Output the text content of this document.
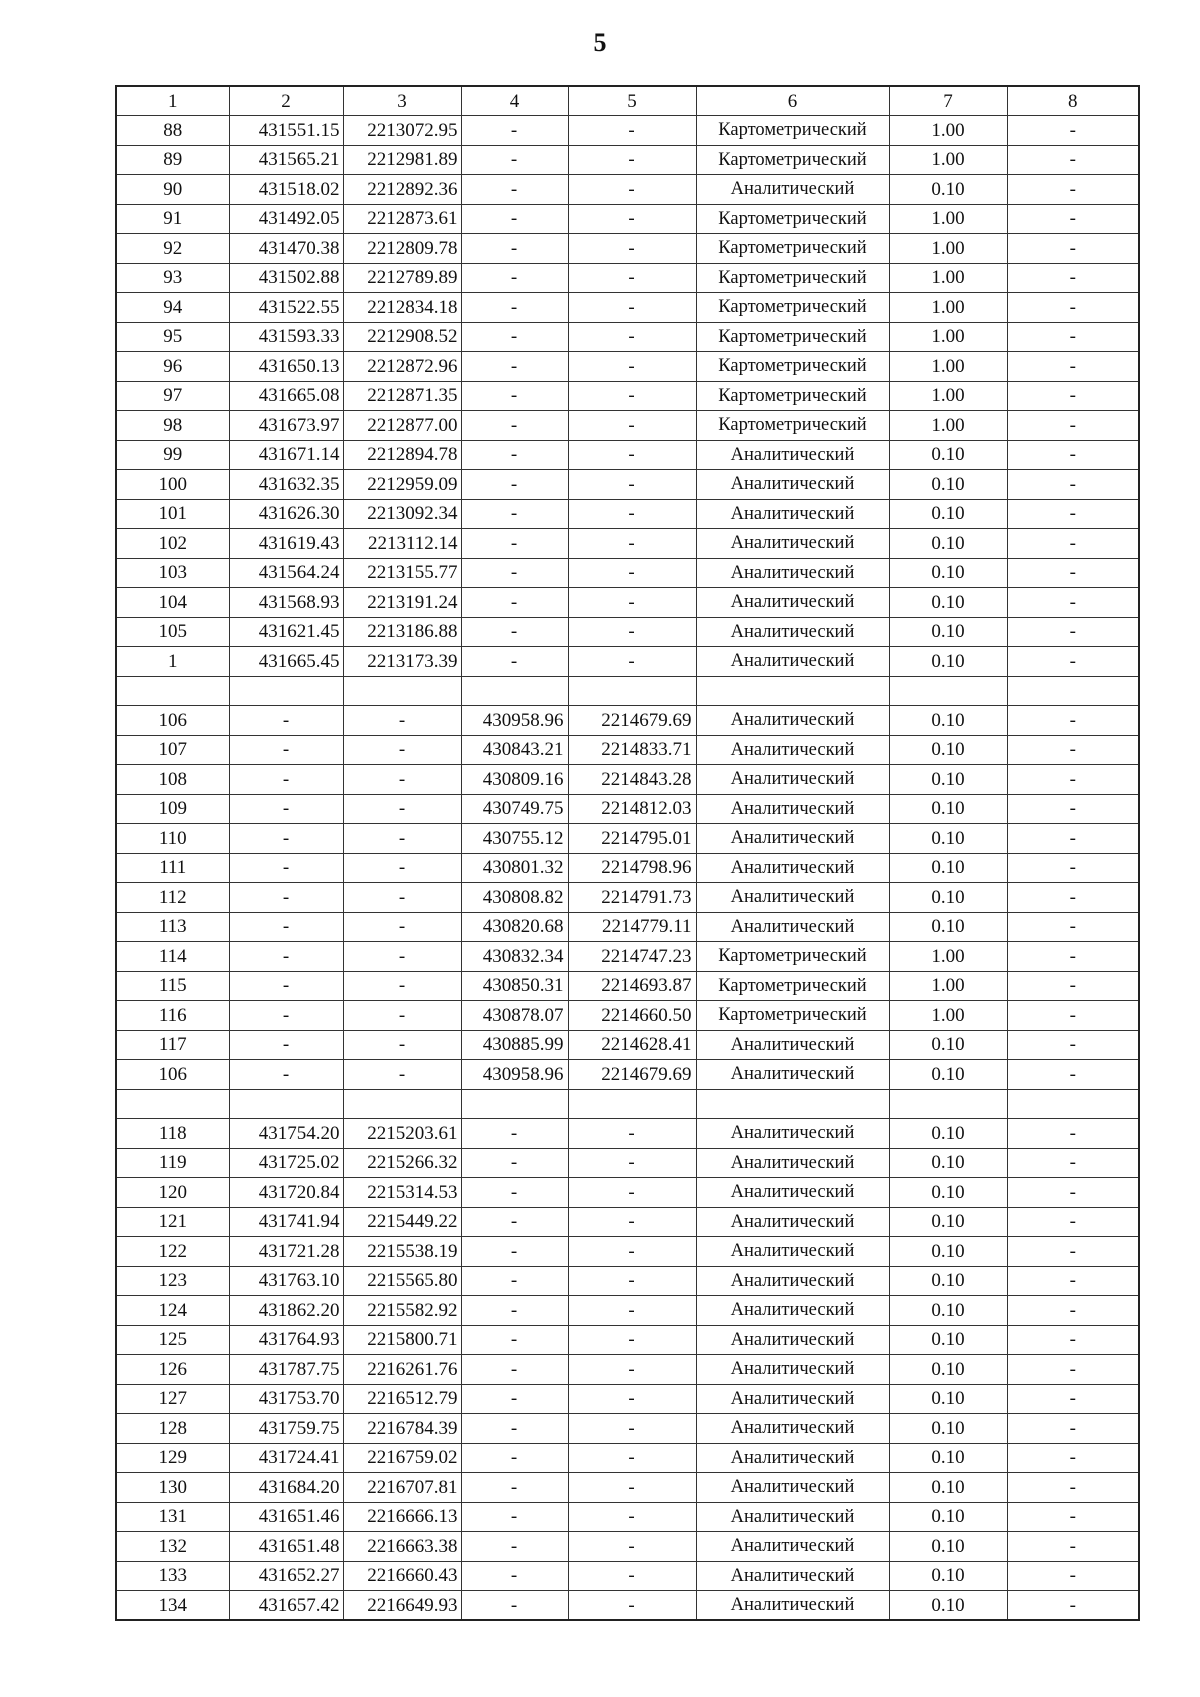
5
1	2	3	4	5	6	7	8
88	431551.15	2213072.95	-	-	Картометрический	1.00	-
89	431565.21	2212981.89	-	-	Картометрический	1.00	-
90	431518.02	2212892.36	-	-	Аналитический	0.10	-
91	431492.05	2212873.61	-	-	Картометрический	1.00	-
92	431470.38	2212809.78	-	-	Картометрический	1.00	-
93	431502.88	2212789.89	-	-	Картометрический	1.00	-
94	431522.55	2212834.18	-	-	Картометрический	1.00	-
95	431593.33	2212908.52	-	-	Картометрический	1.00	-
96	431650.13	2212872.96	-	-	Картометрический	1.00	-
97	431665.08	2212871.35	-	-	Картометрический	1.00	-
98	431673.97	2212877.00	-	-	Картометрический	1.00	-
99	431671.14	2212894.78	-	-	Аналитический	0.10	-
100	431632.35	2212959.09	-	-	Аналитический	0.10	-
101	431626.30	2213092.34	-	-	Аналитический	0.10	-
102	431619.43	2213112.14	-	-	Аналитический	0.10	-
103	431564.24	2213155.77	-	-	Аналитический	0.10	-
104	431568.93	2213191.24	-	-	Аналитический	0.10	-
105	431621.45	2213186.88	-	-	Аналитический	0.10	-
1	431665.45	2213173.39	-	-	Аналитический	0.10	-

106	-	-	430958.96	2214679.69	Аналитический	0.10	-
107	-	-	430843.21	2214833.71	Аналитический	0.10	-
108	-	-	430809.16	2214843.28	Аналитический	0.10	-
109	-	-	430749.75	2214812.03	Аналитический	0.10	-
110	-	-	430755.12	2214795.01	Аналитический	0.10	-
111	-	-	430801.32	2214798.96	Аналитический	0.10	-
112	-	-	430808.82	2214791.73	Аналитический	0.10	-
113	-	-	430820.68	2214779.11	Аналитический	0.10	-
114	-	-	430832.34	2214747.23	Картометрический	1.00	-
115	-	-	430850.31	2214693.87	Картометрический	1.00	-
116	-	-	430878.07	2214660.50	Картометрический	1.00	-
117	-	-	430885.99	2214628.41	Аналитический	0.10	-
106	-	-	430958.96	2214679.69	Аналитический	0.10	-

118	431754.20	2215203.61	-	-	Аналитический	0.10	-
119	431725.02	2215266.32	-	-	Аналитический	0.10	-
120	431720.84	2215314.53	-	-	Аналитический	0.10	-
121	431741.94	2215449.22	-	-	Аналитический	0.10	-
122	431721.28	2215538.19	-	-	Аналитический	0.10	-
123	431763.10	2215565.80	-	-	Аналитический	0.10	-
124	431862.20	2215582.92	-	-	Аналитический	0.10	-
125	431764.93	2215800.71	-	-	Аналитический	0.10	-
126	431787.75	2216261.76	-	-	Аналитический	0.10	-
127	431753.70	2216512.79	-	-	Аналитический	0.10	-
128	431759.75	2216784.39	-	-	Аналитический	0.10	-
129	431724.41	2216759.02	-	-	Аналитический	0.10	-
130	431684.20	2216707.81	-	-	Аналитический	0.10	-
131	431651.46	2216666.13	-	-	Аналитический	0.10	-
132	431651.48	2216663.38	-	-	Аналитический	0.10	-
133	431652.27	2216660.43	-	-	Аналитический	0.10	-
134	431657.42	2216649.93	-	-	Аналитический	0.10	-
